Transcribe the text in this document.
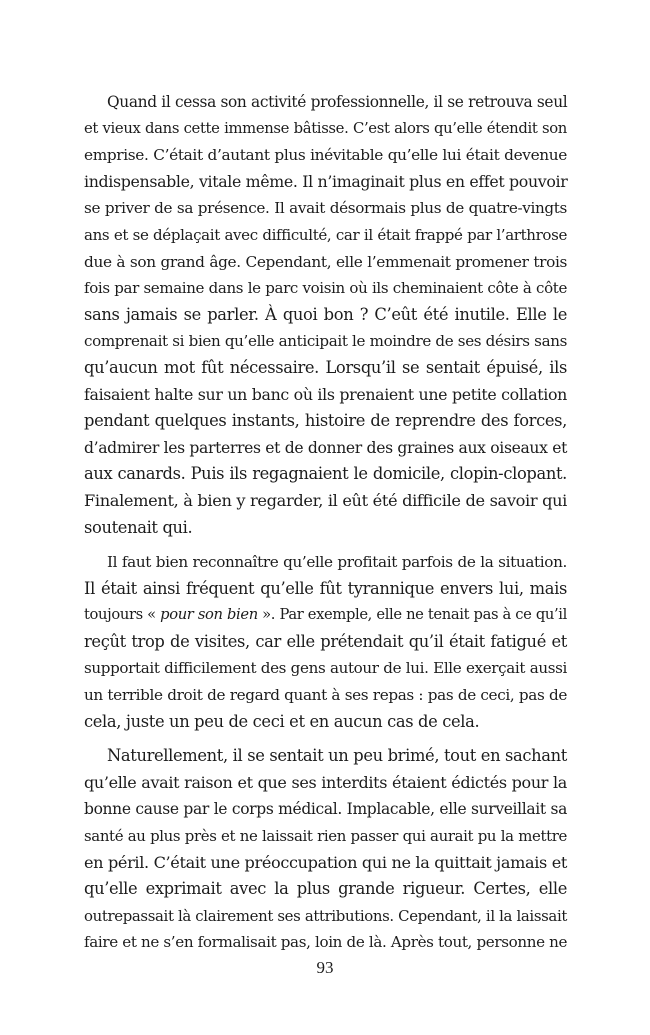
Quand il cessa son activité professionnelle, il se retrouva seul
et vieux dans cette immense bâtisse. C’est alors qu’elle étendit son
emprise. C’était d’autant plus inévitable qu’elle lui était devenue
indispensable, vitale même. Il n’imaginait plus en effet pouvoir
se priver de sa présence. Il avait désormais plus de quatre-vingts
ans et se déplaçait avec difficulté, car il était frappé par l’arthrose
due à son grand âge. Cependant, elle l’emmenait promener trois
fois par semaine dans le parc voisin où ils cheminaient côte à côte
sans jamais se parler. À quoi bon ? C’eût été inutile. Elle le
comprenait si bien qu’elle anticipait le moindre de ses désirs sans
qu’aucun mot fût nécessaire. Lorsqu’il se sentait épuisé, ils
faisaient halte sur un banc où ils prenaient une petite collation
pendant quelques instants, histoire de reprendre des forces,
d’admirer les parterres et de donner des graines aux oiseaux et
aux canards. Puis ils regagnaient le domicile, clopin-clopant.
Finalement, à bien y regarder, il eût été difficile de savoir qui
soutenait qui.
Il faut bien reconnaître qu’elle profitait parfois de la situation.
Il était ainsi fréquent qu’elle fût tyrannique envers lui, mais
toujours « pour son bien ». Par exemple, elle ne tenait pas à ce qu’il
reçût trop de visites, car elle prétendait qu’il était fatigué et
supportait difficilement des gens autour de lui. Elle exerçait aussi
un terrible droit de regard quant à ses repas : pas de ceci, pas de
cela, juste un peu de ceci et en aucun cas de cela.
Naturellement, il se sentait un peu brimé, tout en sachant
qu’elle avait raison et que ses interdits étaient édictés pour la
bonne cause par le corps médical. Implacable, elle surveillait sa
santé au plus près et ne laissait rien passer qui aurait pu la mettre
en péril. C’était une préoccupation qui ne la quittait jamais et
qu’elle exprimait avec la plus grande rigueur. Certes, elle
outrepassait là clairement ses attributions. Cependant, il la laissait
faire et ne s’en formalisait pas, loin de là. Après tout, personne ne
93
